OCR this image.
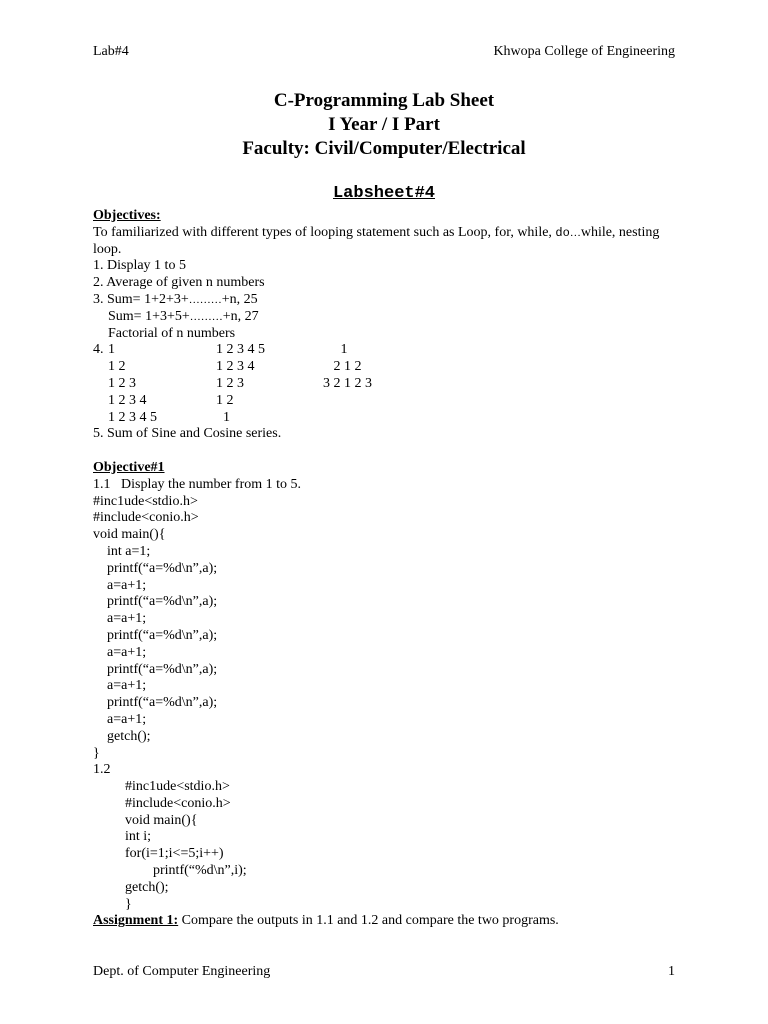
Lab#4	Khwopa College of Engineering
C-Programming Lab Sheet
I Year / I Part
Faculty: Civil/Computer/Electrical
Labsheet#4
Objectives:
To familiarized with different types of looping statement such as Loop, for, while, do…while, nesting loop.
1. Display 1 to 5
2. Average of given n numbers
3. Sum= 1+2+3+………+n, 25
Sum= 1+3+5+………+n, 27
Factorial of n numbers
4. 1	1 2 3 4 5	1
1 2	1 2 3 4	2 1 2
1 2 3	1 2 3	3 2 1 2 3
1 2 3 4	1 2
1 2 3 4 5	1
5. Sum of Sine and Cosine series.
Objective#1
1.1   Display the number from 1 to 5.
#inc1ude<stdio.h>
#include<conio.h>
void main(){
int a=1;
printf(“a=%d\n”,a);
a=a+1;
printf(“a=%d\n”,a);
a=a+1;
printf(“a=%d\n”,a);
a=a+1;
printf(“a=%d\n”,a);
a=a+1;
printf(“a=%d\n”,a);
a=a+1;
getch();
}
1.2
#inc1ude<stdio.h>
#include<conio.h>
void main(){
int i;
for(i=1;i<=5;i++)
printf(“%d\n”,i);
getch();
}
Assignment 1: Compare the outputs in 1.1 and 1.2 and compare the two programs.
Dept. of Computer Engineering	1
